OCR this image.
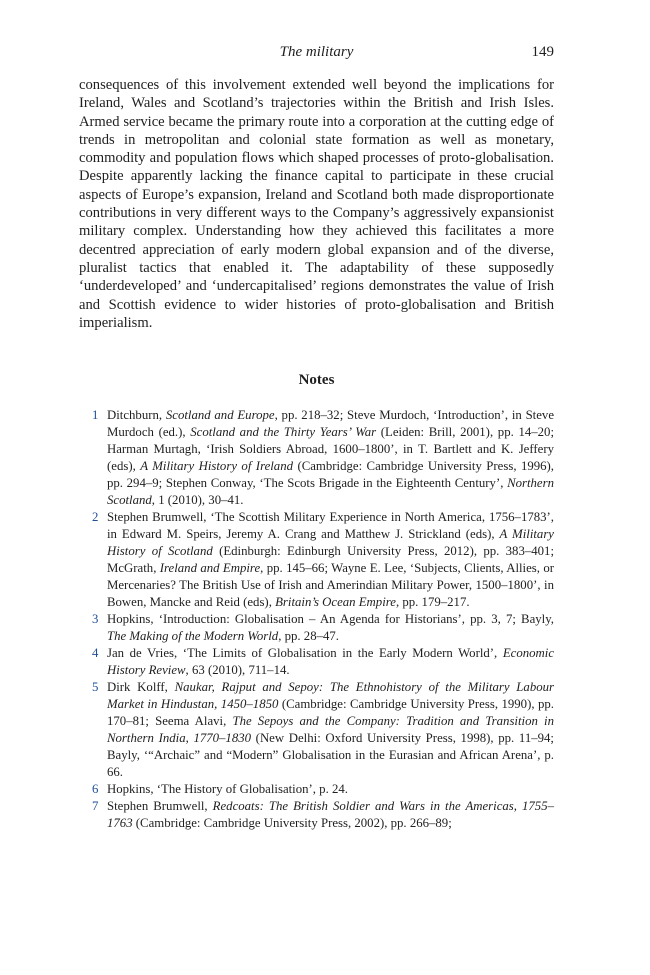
The military	149

consequences of this involvement extended well beyond the implications for Ireland, Wales and Scotland’s trajectories within the British and Irish Isles. Armed service became the primary route into a corporation at the cutting edge of trends in metropolitan and colonial state formation as well as monetary, commodity and population flows which shaped processes of proto-globalisation. Despite apparently lacking the finance capital to participate in these crucial aspects of Europe’s expansion, Ireland and Scotland both made disproportionate contributions in very different ways to the Company’s aggressively expansionist military complex. Understanding how they achieved this facilitates a more decentred appreciation of early modern global expansion and of the diverse, pluralist tactics that enabled it. The adaptability of these supposedly ‘underdeveloped’ and ‘undercapitalised’ regions demonstrates the value of Irish and Scottish evidence to wider histories of proto-globalisation and British imperialism.

Notes
1 Ditchburn, Scotland and Europe, pp. 218–32; Steve Murdoch, ‘Introduction’, in Steve Murdoch (ed.), Scotland and the Thirty Years’ War (Leiden: Brill, 2001), pp. 14–20; Harman Murtagh, ‘Irish Soldiers Abroad, 1600–1800’, in T. Bartlett and K. Jeffery (eds), A Military History of Ireland (Cambridge: Cambridge University Press, 1996), pp. 294–9; Stephen Conway, ‘The Scots Brigade in the Eighteenth Century’, Northern Scotland, 1 (2010), 30–41.
2 Stephen Brumwell, ‘The Scottish Military Experience in North America, 1756–1783’, in Edward M. Speirs, Jeremy A. Crang and Matthew J. Strickland (eds), A Military History of Scotland (Edinburgh: Edinburgh University Press, 2012), pp. 383–401; McGrath, Ireland and Empire, pp. 145–66; Wayne E. Lee, ‘Subjects, Clients, Allies, or Mercenaries? The British Use of Irish and Amerindian Military Power, 1500–1800’, in Bowen, Mancke and Reid (eds), Britain’s Ocean Empire, pp. 179–217.
3 Hopkins, ‘Introduction: Globalisation – An Agenda for Historians’, pp. 3, 7; Bayly, The Making of the Modern World, pp. 28–47.
4 Jan de Vries, ‘The Limits of Globalisation in the Early Modern World’, Economic History Review, 63 (2010), 711–14.
5 Dirk Kolff, Naukar, Rajput and Sepoy: The Ethnohistory of the Military Labour Market in Hindustan, 1450–1850 (Cambridge: Cambridge University Press, 1990), pp. 170–81; Seema Alavi, The Sepoys and the Company: Tradition and Transition in Northern India, 1770–1830 (New Delhi: Oxford University Press, 1998), pp. 11–94; Bayly, ‘“Archaic” and “Modern” Globalisation in the Eurasian and African Arena’, p. 66.
6 Hopkins, ‘The History of Globalisation’, p. 24.
7 Stephen Brumwell, Redcoats: The British Soldier and Wars in the Americas, 1755–1763 (Cambridge: Cambridge University Press, 2002), pp. 266–89;
